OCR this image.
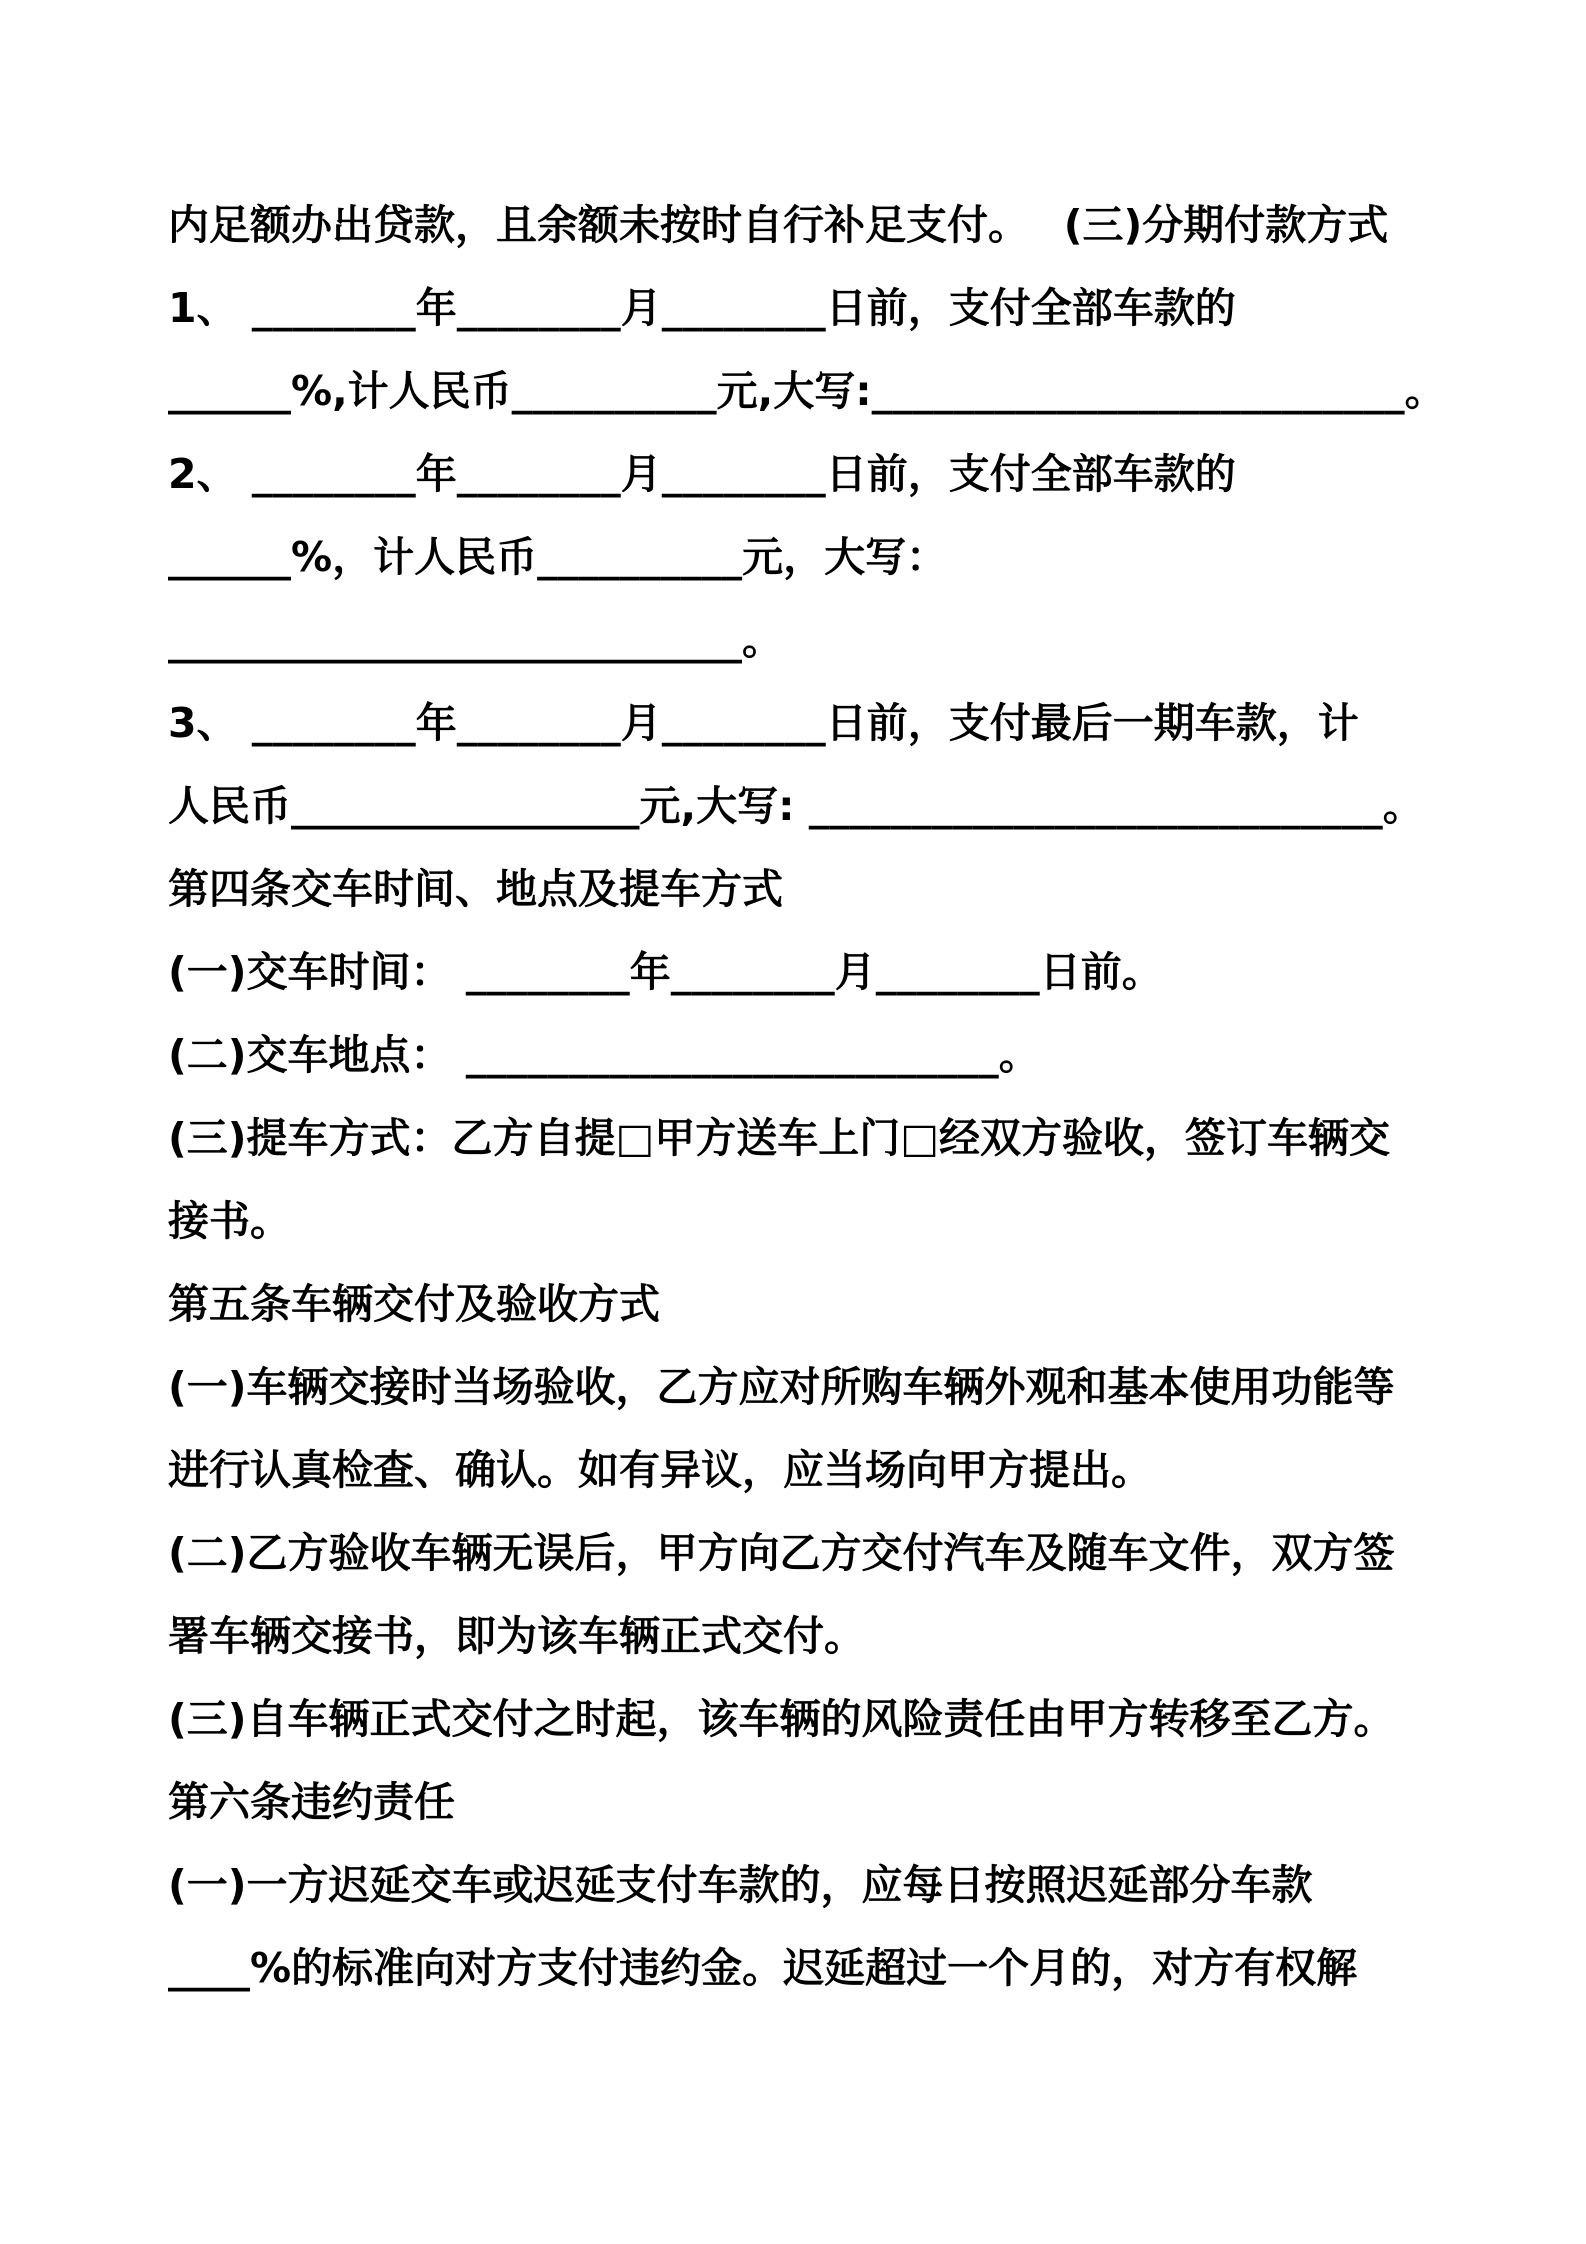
内足额办出贷款，且余额未按时自行补足支付。　 (三)分期付款方式
1、 ________年________月________日前，支付全部车款的
______%,计人民币__________元,大写:__________________________。
2、 ________年________月________日前，支付全部车款的
______%，计人民币__________元，大写：
____________________________。
3、 ________年________月________日前，支付最后一期车款，计
人民币_________________元,大写: ____________________________。
第四条交车时间、地点及提车方式
(一)交车时间： ________年________月________日前。
(二)交车地点： __________________________。
(三)提车方式：乙方自提□甲方送车上门□经双方验收，签订车辆交
接书。
第五条车辆交付及验收方式
(一)车辆交接时当场验收，乙方应对所购车辆外观和基本使用功能等
进行认真检查、确认。如有异议，应当场向甲方提出。
(二)乙方验收车辆无误后，甲方向乙方交付汽车及随车文件，双方签
署车辆交接书，即为该车辆正式交付。
(三)自车辆正式交付之时起，该车辆的风险责任由甲方转移至乙方。
第六条违约责任
(一)一方迟延交车或迟延支付车款的，应每日按照迟延部分车款
____%的标准向对方支付违约金。迟延超过一个月的，对方有权解
